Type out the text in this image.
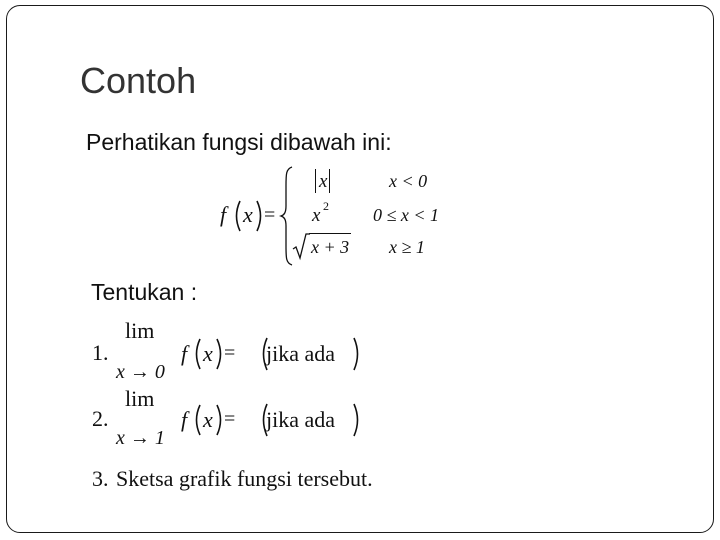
Contoh
Perhatikan fungsi dibawah ini:
f x =
x	x < 0
x 2 0 ≤ x < 1
x + 3 x ≥ 1
Tentukan :
lim
1.
x → 0
f x = jika ada
lim
2.
x → 1
f x = jika ada
3. Sketsa grafik fungsi tersebut.
